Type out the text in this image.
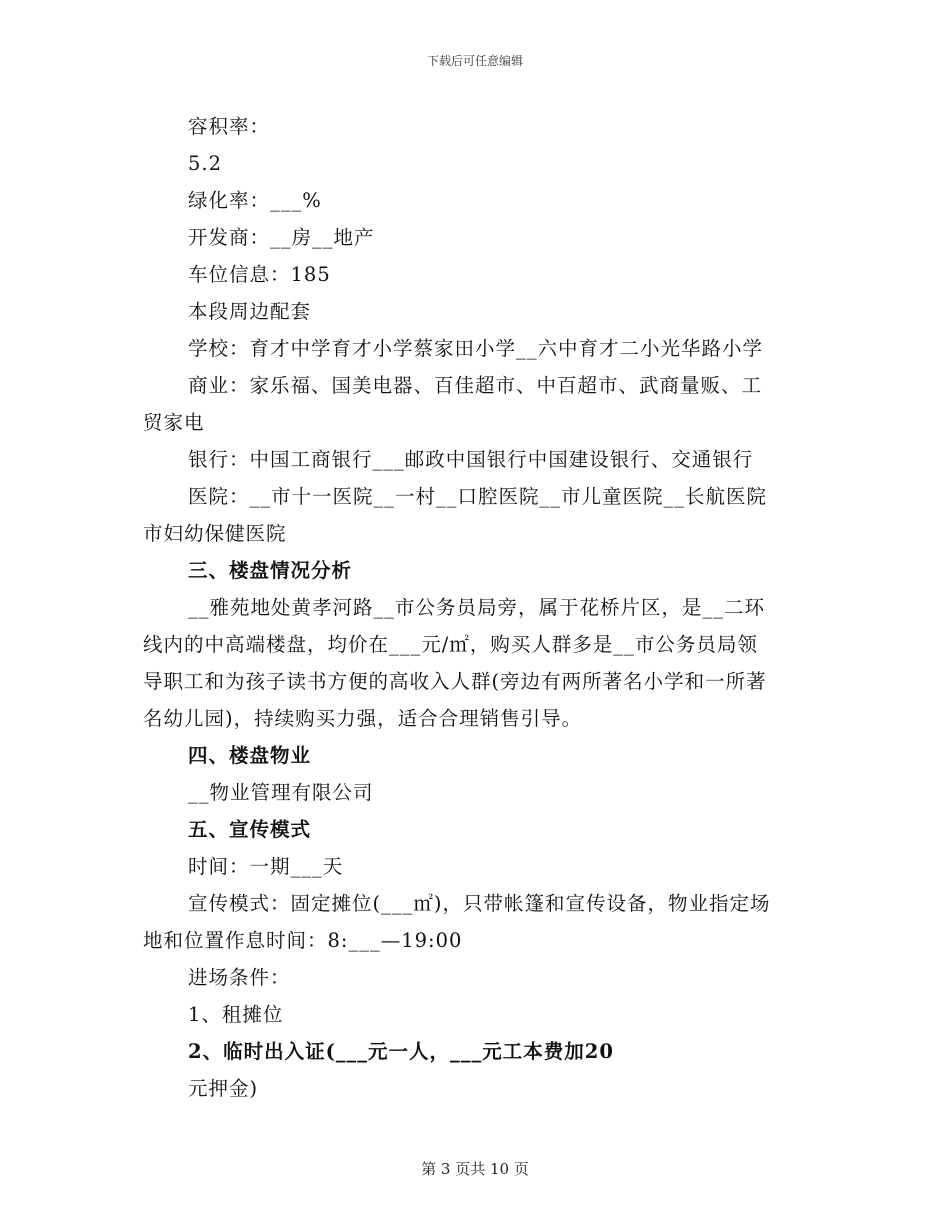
下载后可任意编辑
容积率：
5.2
绿化率：___%
开发商：__房__地产
车位信息：185
本段周边配套
学校：育才中学育才小学蔡家田小学__六中育才二小光华路小学
商业：家乐福、国美电器、百佳超市、中百超市、武商量贩、工
贸家电
银行：中国工商银行___邮政中国银行中国建设银行、交通银行
医院：__市十一医院__一村__口腔医院__市儿童医院__长航医院
市妇幼保健医院
三、楼盘情况分析
__雅苑地处黄孝河路__市公务员局旁，属于花桥片区，是__二环
线内的中高端楼盘，均价在___元/㎡，购买人群多是__市公务员局领
导职工和为孩子读书方便的高收入人群(旁边有两所著名小学和一所著
名幼儿园)，持续购买力强，适合合理销售引导。
四、楼盘物业
__物业管理有限公司
五、宣传模式
时间：一期___天
宣传模式：固定摊位(___㎡)，只带帐篷和宣传设备，物业指定场
地和位置作息时间：8:___—19:00
进场条件：
1、租摊位
2、临时出入证(___元一人，___元工本费加20
元押金)
第 3 页共 10 页
